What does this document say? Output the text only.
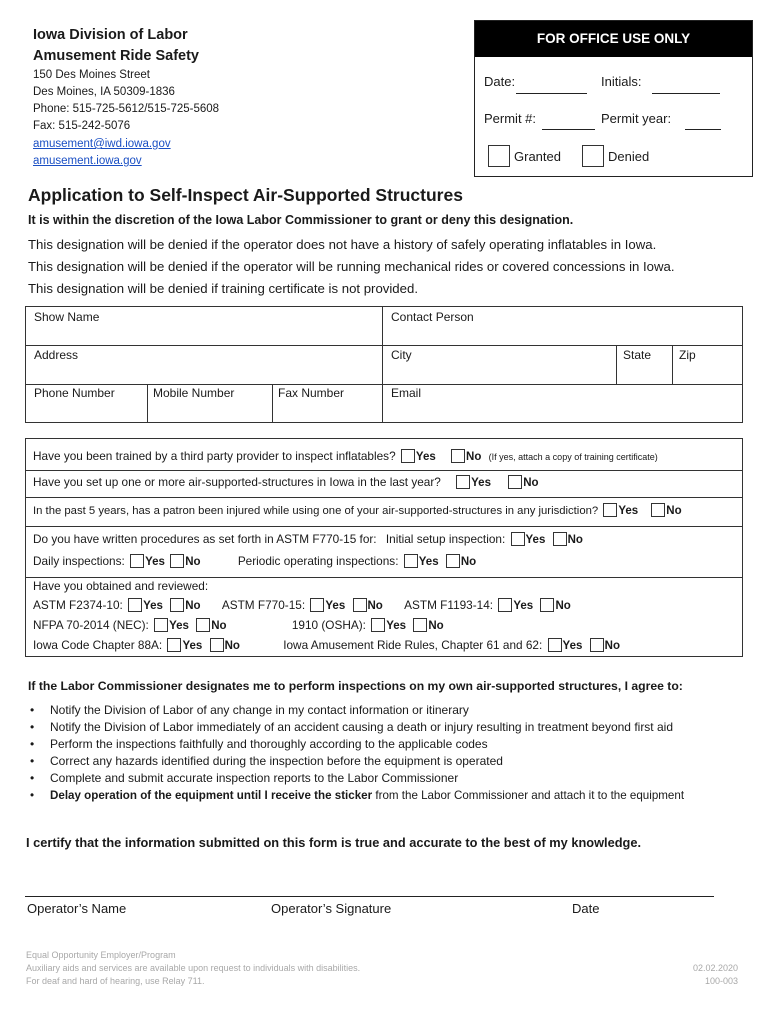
Iowa Division of Labor
Amusement Ride Safety
150 Des Moines Street
Des Moines, IA 50309-1836
Phone: 515-725-5612/515-725-5608
Fax: 515-242-5076
amusement@iwd.iowa.gov
amusement.iowa.gov
FOR OFFICE USE ONLY
Date:	Initials:
Permit #:	Permit year:
Granted	Denied
Application to Self-Inspect Air-Supported Structures
It is within the discretion of the Iowa Labor Commissioner to grant or deny this designation.
This designation will be denied if the operator does not have a history of safely operating inflatables in Iowa.
This designation will be denied if the operator will be running mechanical rides or covered concessions in Iowa.
This designation will be denied if training certificate is not provided.
Show Name	Contact Person
Address	City	State Zip
Phone Number	Mobile Number	Fax Number	Email
Have you been trained by a third party provider to inspect inflatables? Yes	No (If yes, attach a copy of training certificate)
Have you set up one or more air-supported-structures in Iowa in the last year?	Yes	No
In the past 5 years, has a patron been injured while using one of your air-supported-structures in any jurisdiction? Yes No
Do you have written procedures as set forth in ASTM F770-15 for: Initial setup inspection: Yes No
Daily inspections: Yes No	Periodic operating inspections: Yes No
Have you obtained and reviewed:
ASTM F2374-10: Yes No ASTM F770-15: Yes No ASTM F1193-14: Yes No
NFPA 70-2014 (NEC): Yes No	1910 (OSHA): Yes No
Iowa Code Chapter 88A: Yes No	Iowa Amusement Ride Rules, Chapter 61 and 62: Yes No
If the Labor Commissioner designates me to perform inspections on my own air-supported structures, I agree to:
• Notify the Division of Labor of any change in my contact information or itinerary
• Notify the Division of Labor immediately of an accident causing a death or injury resulting in treatment beyond first aid
• Perform the inspections faithfully and thoroughly according to the applicable codes
• Correct any hazards identified during the inspection before the equipment is operated
• Complete and submit accurate inspection reports to the Labor Commissioner
• Delay operation of the equipment until I receive the sticker from the Labor Commissioner and attach it to the equipment
I certify that the information submitted on this form is true and accurate to the best of my knowledge.
Operator’s Name	Operator’s Signature	Date
Equal Opportunity Employer/Program
Auxiliary aids and services are available upon request to individuals with disabilities.
For deaf and hard of hearing, use Relay 711.
02.02.2020
100-003
